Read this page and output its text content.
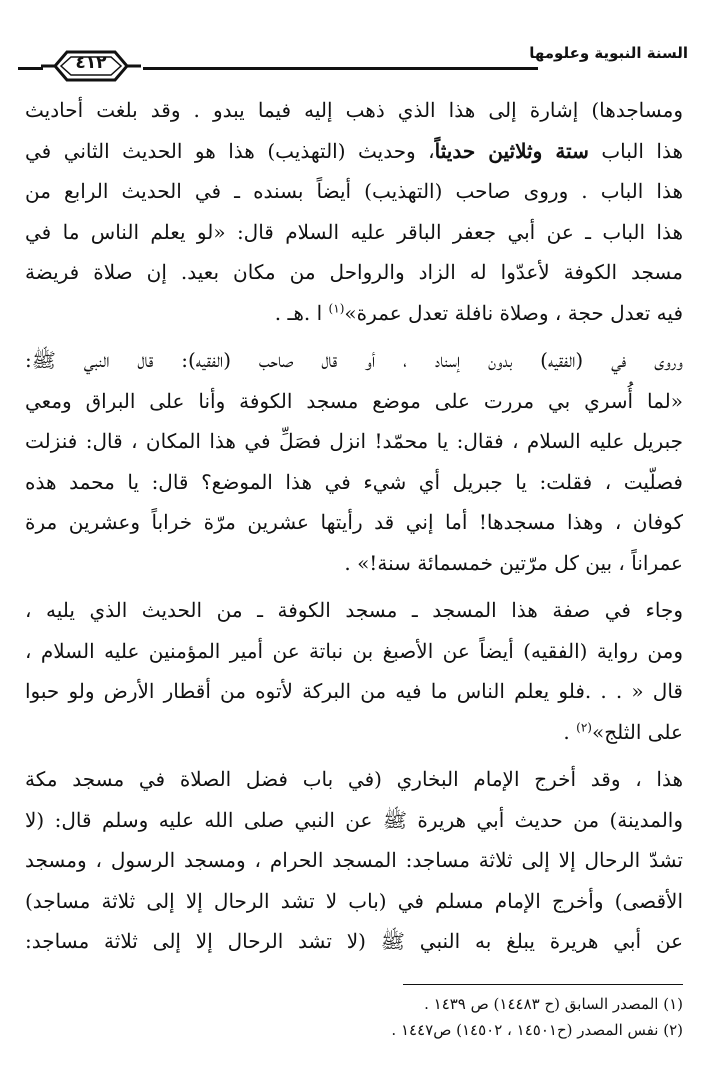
السنة النبوية وعلومها
٤١٢
ومساجدها) إشارة إلى هذا الذي ذهب إليه فيما يبدو . وقد بلغت أحاديث
هذا الباب ستة وثلاثين حديثاً، وحديث (التهذيب) هذا هو الحديث الثاني في
هذا الباب . وروى صاحب (التهذيب) أيضاً بسنده ـ في الحديث الرابع من
هذا الباب ـ عن أبي جعفر الباقر عليه السلام قال: «لو يعلم الناس ما في
مسجد الكوفة لأعدّوا له الزاد والرواحل من مكان بعيد. إن صلاة فريضة
فيه تعدل حجة ، وصلاة نافلة تعدل عمرة»$^{(١)}$ ا .هـ .
وروى في (الفقيه) بدون إسناد ، أو قال صاحب (الفقيه): قال النبي ﷺ:
«لما أُسري بي مررت على موضع مسجد الكوفة وأنا على البراق ومعي
جبريل عليه السلام ، فقال: يا محمّد! انزل فصَلِّ في هذا المكان ، قال: فنزلت
فصلّيت ، فقلت: يا جبريل أي شيء في هذا الموضع؟ قال: يا محمد هذه
كوفان ، وهذا مسجدها! أما إني قد رأيتها عشرين مرّة خراباً وعشرين مرة
عمراناً ، بين كل مرّتين خمسمائة سنة!» .
وجاء في صفة هذا المسجد ـ مسجد الكوفة ـ من الحديث الذي يليه ،
ومن رواية (الفقيه) أيضاً عن الأصبغ بن نباتة عن أمير المؤمنين عليه السلام ،
قال « . . .فلو يعلم الناس ما فيه من البركة لأتوه من أقطار الأرض ولو حبوا
على الثلج»$^{(٢)}$ .
هذا ، وقد أخرج الإمام البخاري (في باب فضل الصلاة في مسجد مكة
والمدينة) من حديث أبي هريرة ﷺ عن النبي صلى الله عليه وسلم قال: (لا
تشدّ الرحال إلا إلى ثلاثة مساجد: المسجد الحرام ، ومسجد الرسول ، ومسجد
الأقصى) وأخرج الإمام مسلم في (باب لا تشد الرحال إلا إلى ثلاثة مساجد)
عن أبي هريرة يبلغ به النبي ﷺ (لا تشد الرحال إلا إلى ثلاثة مساجد:
(١) المصدر السابق (ح ١٤٤٨٣) ص ١٤٣٩ .
(٢) نفس المصدر (ح١٤٥٠١ ، ١٤٥٠٢) ص١٤٤٧ .
